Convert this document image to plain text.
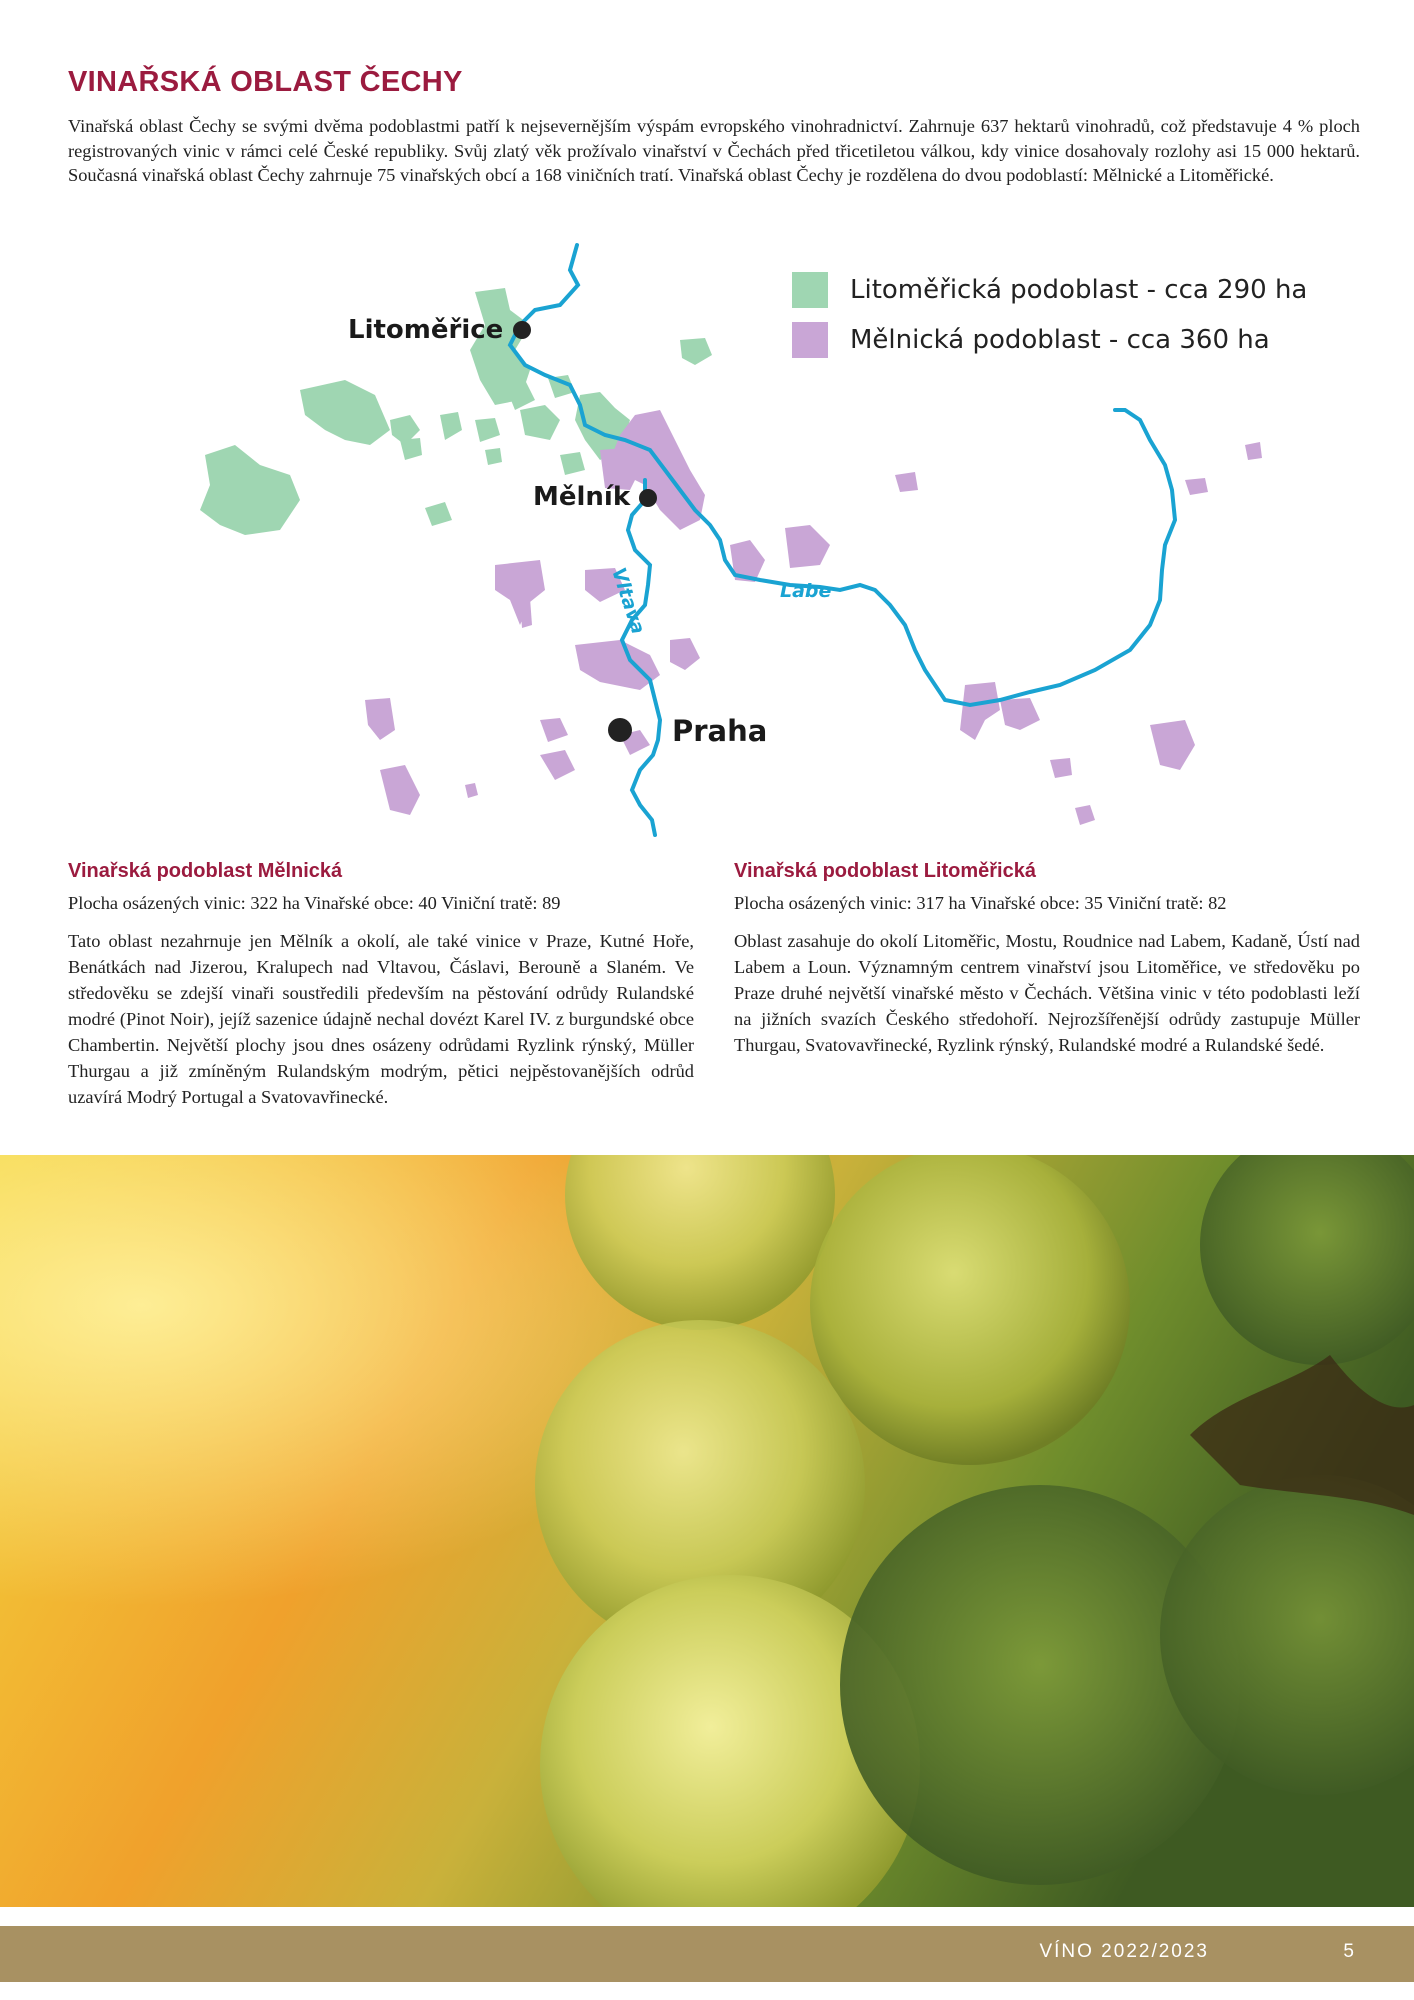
VINAŘSKÁ OBLAST ČECHY

Vinařská oblast Čechy se svými dvěma podoblastmi patří k nejsevernějším výspám evropského vinohradnictví. Zahrnuje 637 hektarů vinohradů, což představuje 4 % ploch registrovaných vinic v rámci celé České republiky. Svůj zlatý věk prožívalo vinařství v Čechách před třicetiletou válkou, kdy vinice dosahovaly rozlohy asi 15 000 hektarů. Současná vinařská oblast Čechy zahrnuje 75 vinařských obcí a 168 viničních tratí. Vinařská oblast Čechy je rozdělena do dvou podoblastí: Mělnické a Litoměřické.

Litoměřická podoblast - cca 290 ha
Mělnická podoblast - cca 360 ha
Litoměřice
Mělník
Praha
Vltava	Labe
Vinařská podoblast Mělnická

Plocha osázených vinic: 322 ha Vinařské obce: 40 Viniční tratě: 89

Tato oblast nezahrnuje jen Mělník a okolí, ale také vinice v Praze, Kutné Hoře, Benátkách nad Jizerou, Kralupech nad Vltavou, Čáslavi, Berouně a Slaném. Ve středověku se zdejší vinaři soustředili především na pěstování odrůdy Rulandské modré (Pinot Noir), jejíž sazenice údajně nechal dovézt Karel IV. z burgundské obce Chambertin. Největší plochy jsou dnes osázeny odrůdami Ryzlink rýnský, Müller Thurgau a již zmíněným Rulandským modrým, pětici nejpěstovanějších odrůd uzavírá Modrý Portugal a Svatovavřinecké.

Vinařská podoblast Litoměřická

Plocha osázených vinic: 317 ha Vinařské obce: 35 Viniční tratě: 82

Oblast zasahuje do okolí Litoměřic, Mostu, Roudnice nad Labem, Kadaně, Ústí nad Labem a Loun. Významným centrem vinařství jsou Litoměřice, ve středověku po Praze druhé největší vinařské město v Čechách. Většina vinic v této podoblasti leží na jižních svazích Českého středohoří. Nejrozšířenější odrůdy zastupuje Müller Thurgau, Svatovavřinecké, Ryzlink rýnský, Rulandské modré a Rulandské šedé.

VÍNO 2022/2023	5
